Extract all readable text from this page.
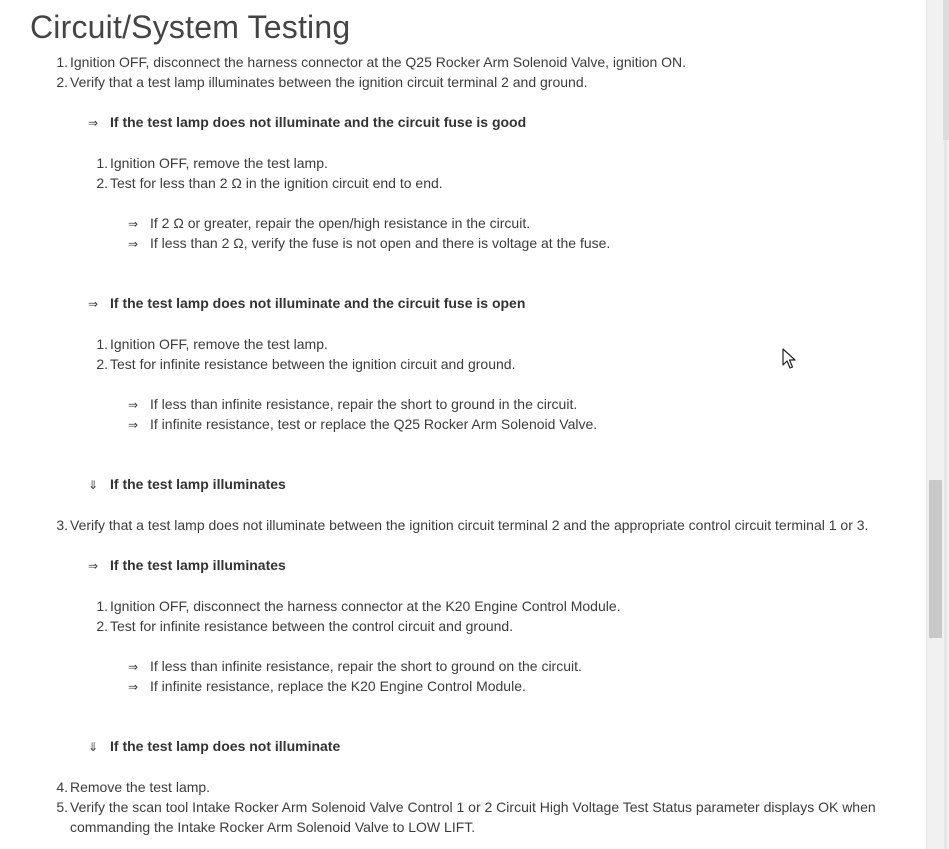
Circuit/System Testing
1. Ignition OFF, disconnect the harness connector at the Q25 Rocker Arm Solenoid Valve, ignition ON.
2. Verify that a test lamp illuminates between the ignition circuit terminal 2 and ground.
⇒ If the test lamp does not illuminate and the circuit fuse is good
1. Ignition OFF, remove the test lamp.
2. Test for less than 2 Ω in the ignition circuit end to end.
⇒ If 2 Ω or greater, repair the open/high resistance in the circuit.
⇒ If less than 2 Ω, verify the fuse is not open and there is voltage at the fuse.
⇒ If the test lamp does not illuminate and the circuit fuse is open
1. Ignition OFF, remove the test lamp.
2. Test for infinite resistance between the ignition circuit and ground.
⇒ If less than infinite resistance, repair the short to ground in the circuit.
⇒ If infinite resistance, test or replace the Q25 Rocker Arm Solenoid Valve.
⇓ If the test lamp illuminates
3. Verify that a test lamp does not illuminate between the ignition circuit terminal 2 and the appropriate control circuit terminal 1 or 3.
⇒ If the test lamp illuminates
1. Ignition OFF, disconnect the harness connector at the K20 Engine Control Module.
2. Test for infinite resistance between the control circuit and ground.
⇒ If less than infinite resistance, repair the short to ground on the circuit.
⇒ If infinite resistance, replace the K20 Engine Control Module.
⇓ If the test lamp does not illuminate
4. Remove the test lamp.
5. Verify the scan tool Intake Rocker Arm Solenoid Valve Control 1 or 2 Circuit High Voltage Test Status parameter displays OK when
commanding the Intake Rocker Arm Solenoid Valve to LOW LIFT.
